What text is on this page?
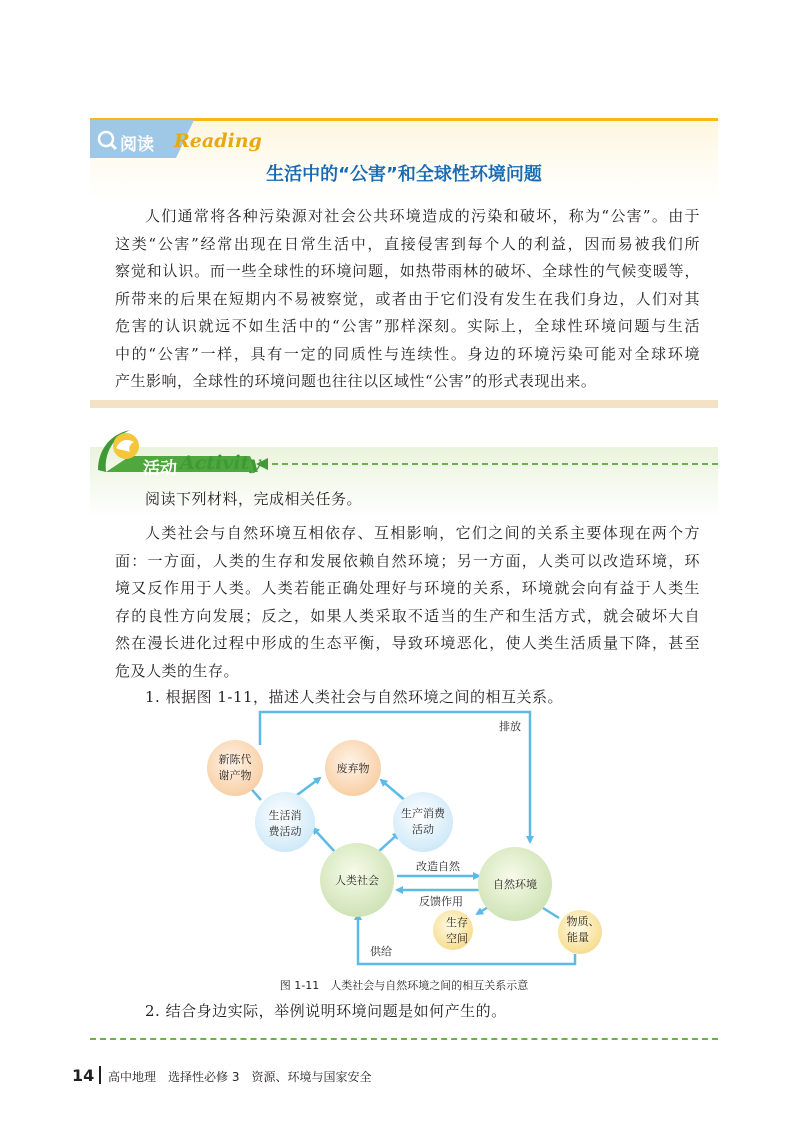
阅读 Reading
生活中的“公害”和全球性环境问题
人们通常将各种污染源对社会公共环境造成的污染和破坏，称为“公害”。由于
这类“公害”经常出现在日常生活中，直接侵害到每个人的利益，因而易被我们所
察觉和认识。而一些全球性的环境问题，如热带雨林的破坏、全球性的气候变暖等，
所带来的后果在短期内不易被察觉，或者由于它们没有发生在我们身边，人们对其
危害的认识就远不如生活中的“公害”那样深刻。实际上，全球性环境问题与生活
中的“公害”一样，具有一定的同质性与连续性。身边的环境污染可能对全球环境
产生影响，全球性的环境问题也往往以区域性“公害”的形式表现出来。
活动 Activity
阅读下列材料，完成相关任务。
人类社会与自然环境互相依存、互相影响，它们之间的关系主要体现在两个方
面：一方面，人类的生存和发展依赖自然环境；另一方面，人类可以改造环境，环
境又反作用于人类。人类若能正确处理好与环境的关系，环境就会向有益于人类生
存的良性方向发展；反之，如果人类采取不适当的生产和生活方式，就会破坏大自
然在漫长进化过程中形成的生态平衡，导致环境恶化，使人类生活质量下降，甚至
危及人类的生存。
1. 根据图 1-11，描述人类社会与自然环境之间的相互关系。
新陈代
谢产物
废弃物
生活消
费活动
生产消费
活动
人类社会	自然环境
生存
空间
物质、
能量
排放
改造自然
反馈作用
供给
图 1-11　人类社会与自然环境之间的相互关系示意
2. 结合身边实际，举例说明环境问题是如何产生的。
14 高中地理　选择性必修 3　资源、环境与国家安全
